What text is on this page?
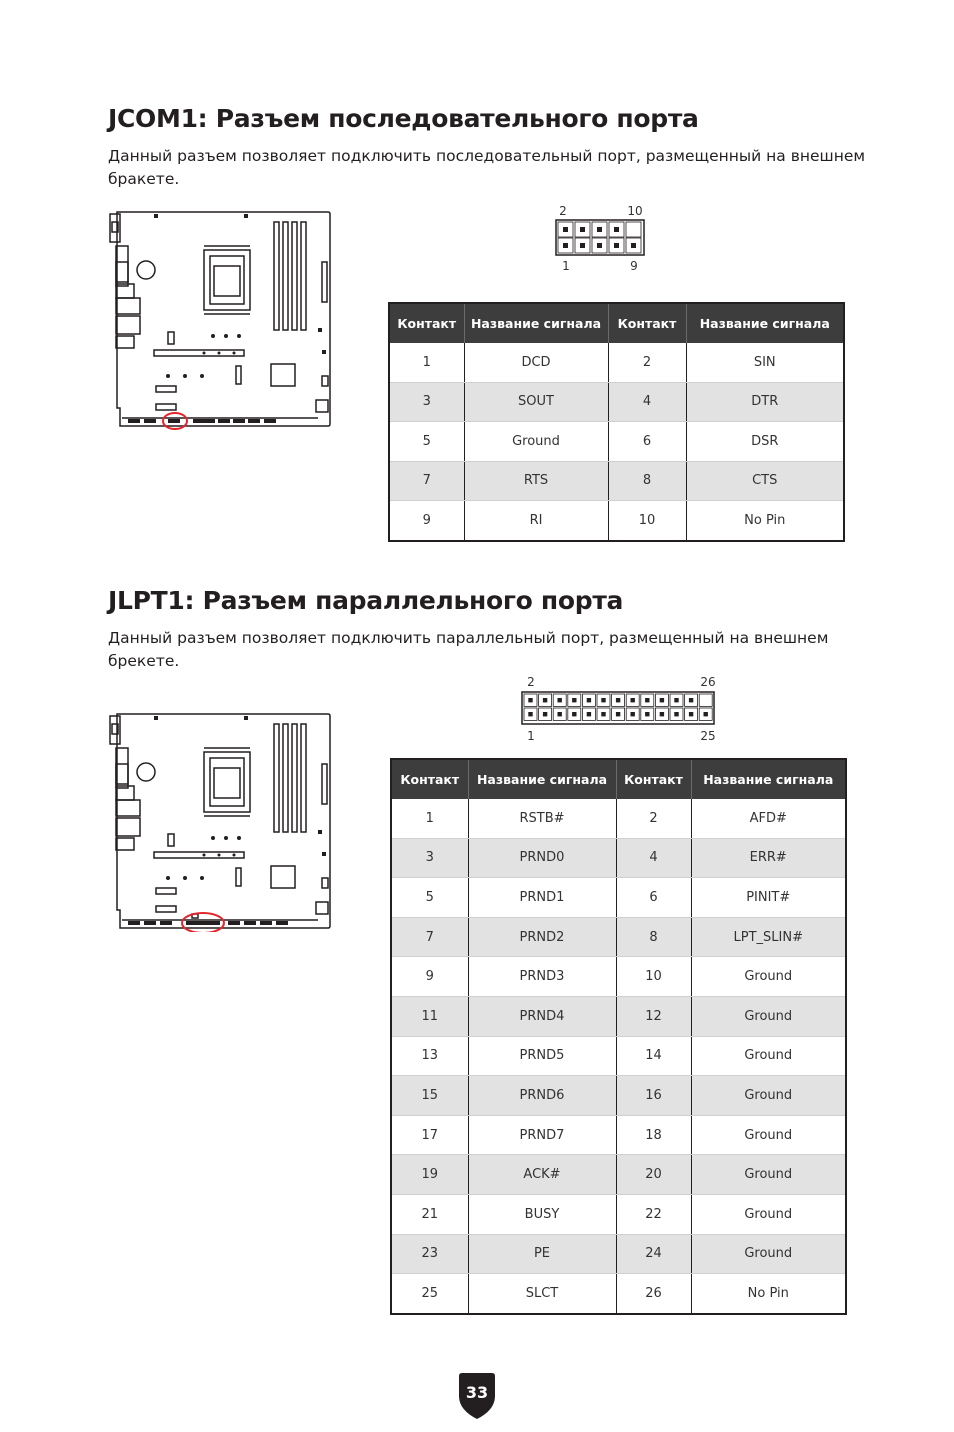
JCOM1: Разъем последовательного порта

Данный разъем позволяет подключить последовательный порт, размещенный на внешнем бракете.

2	10
1	9
Контакт	Название сигнала	Контакт	Название сигнала
1	DCD	2	SIN
3	SOUT	4	DTR
5	Ground	6	DSR
7	RTS	8	CTS
9	RI	10	No Pin
JLPT1: Разъем параллельного порта

Данный разъем позволяет подключить параллельный порт, размещенный на внешнем брекете.

2	26
1	25
Контакт	Название сигнала	Контакт	Название сигнала
1	RSTB#	2	AFD#
3	PRND0	4	ERR#
5	PRND1	6	PINIT#
7	PRND2	8	LPT_SLIN#
9	PRND3	10	Ground
11	PRND4	12	Ground
13	PRND5	14	Ground
15	PRND6	16	Ground
17	PRND7	18	Ground
19	ACK#	20	Ground
21	BUSY	22	Ground
23	PE	24	Ground
25	SLCT	26	No Pin
33
